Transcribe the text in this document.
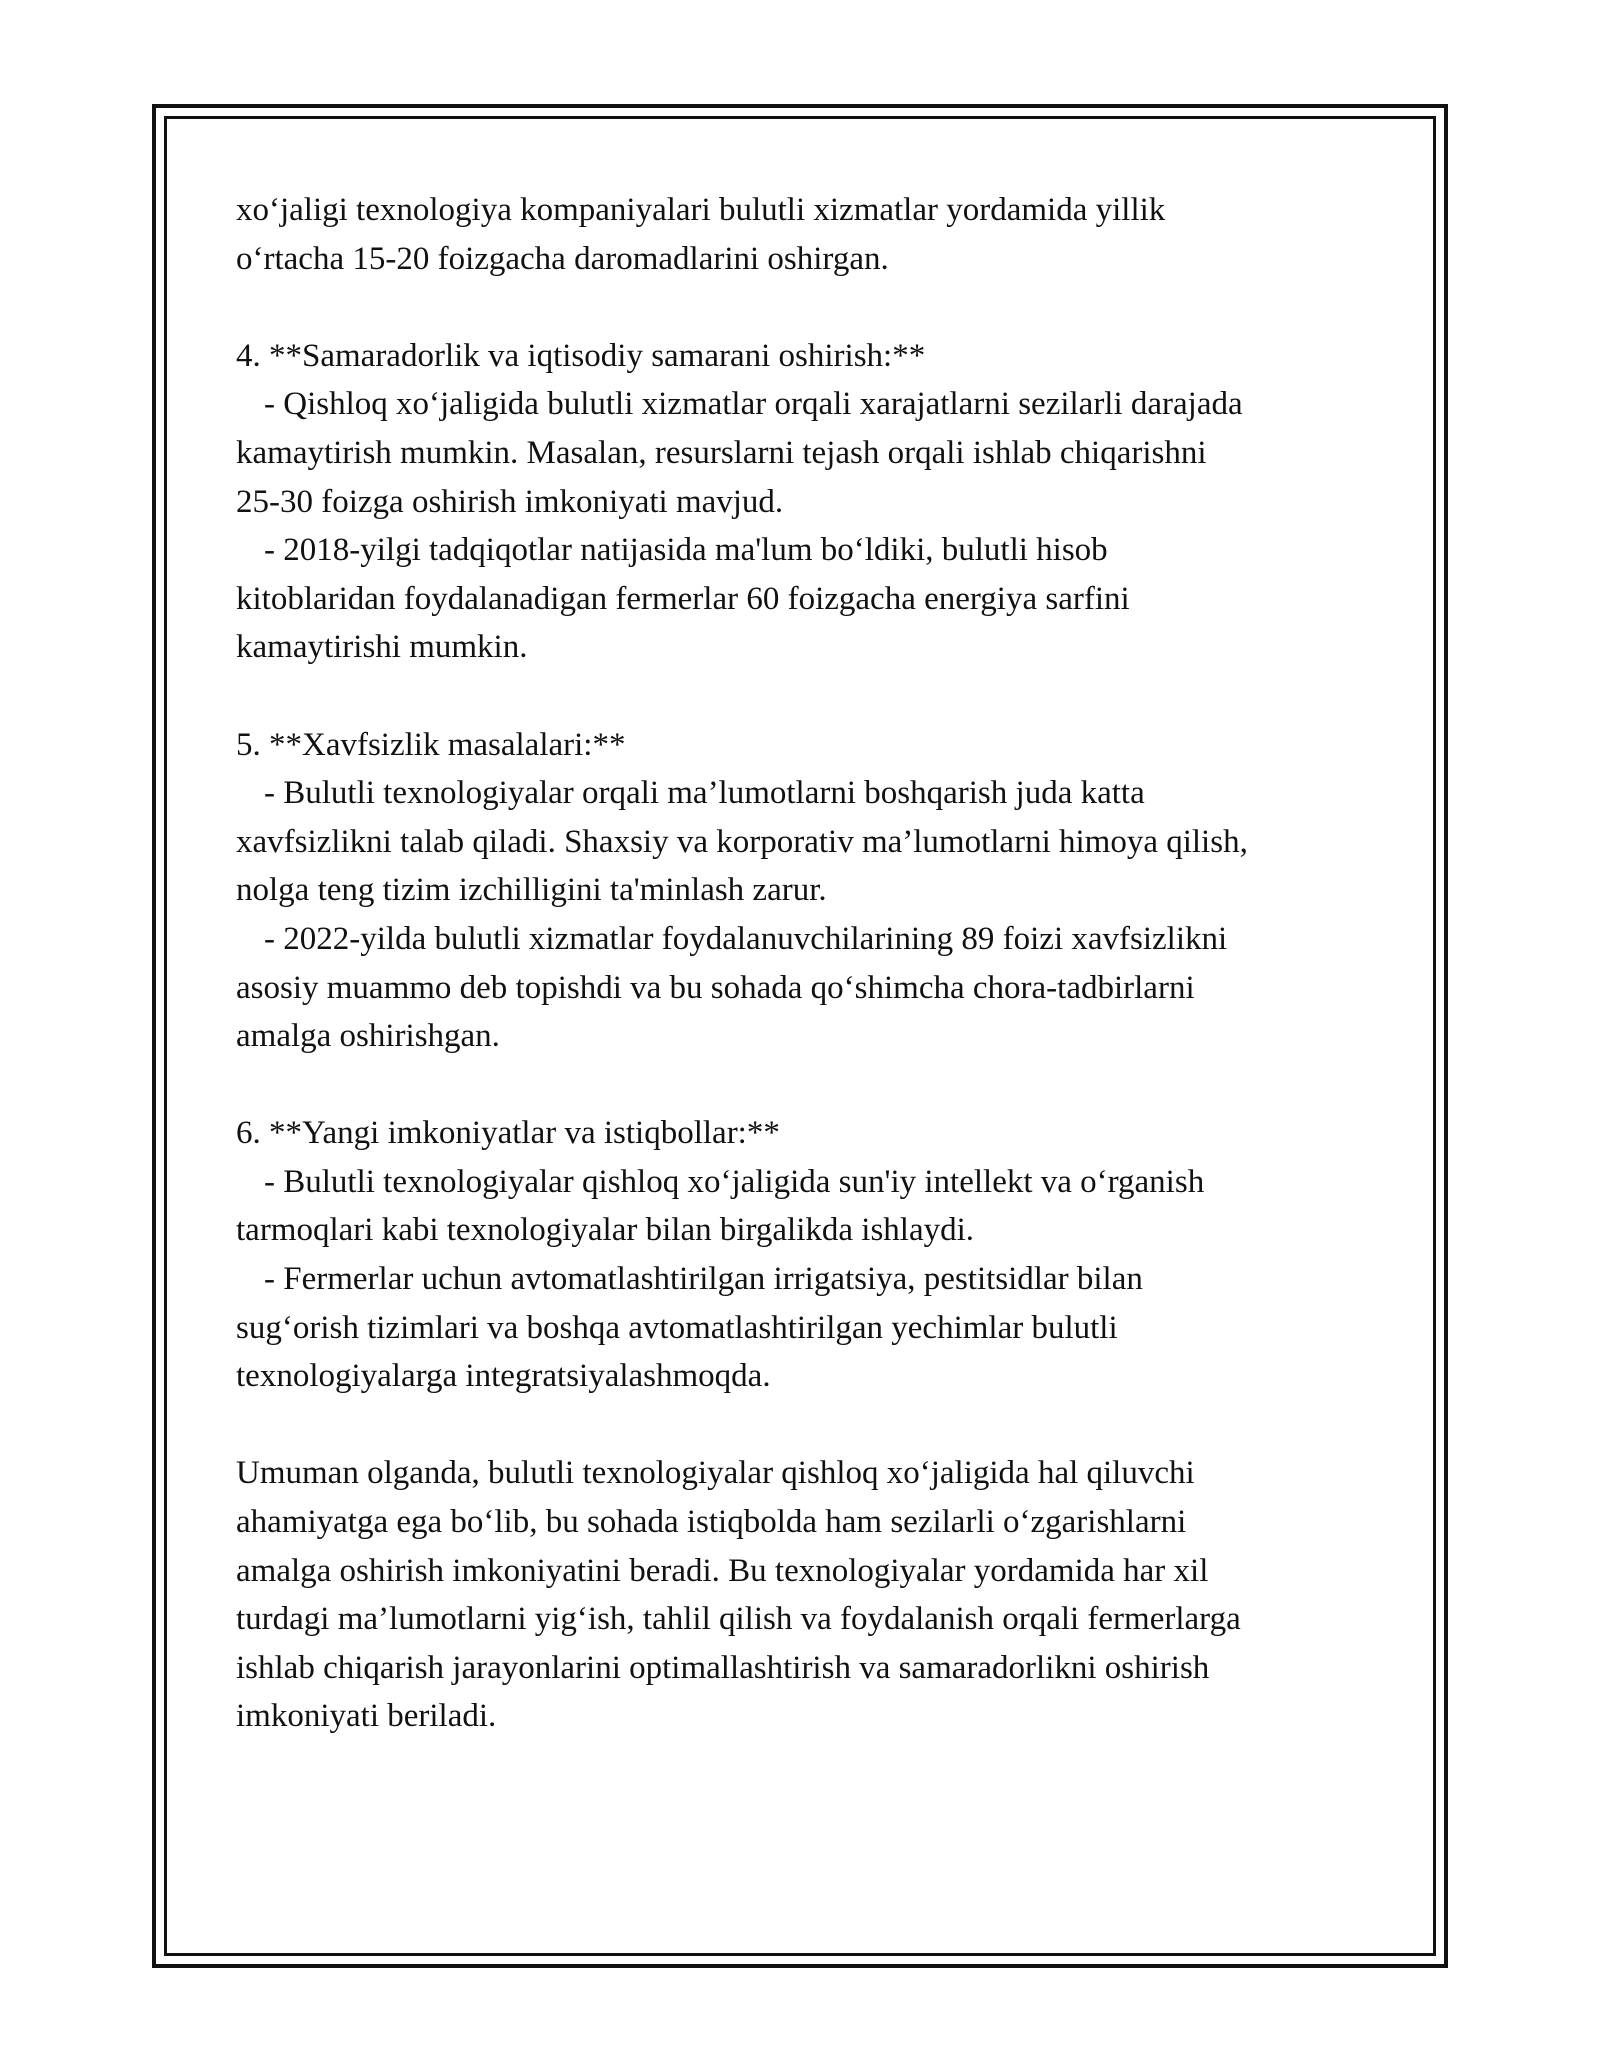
xo‘jaligi texnologiya kompaniyalari bulutli xizmatlar yordamida yillik
o‘rtacha 15-20 foizgacha daromadlarini oshirgan.
4. **Samaradorlik va iqtisodiy samarani oshirish:**
- Qishloq xo‘jaligida bulutli xizmatlar orqali xarajatlarni sezilarli darajada
kamaytirish mumkin. Masalan, resurslarni tejash orqali ishlab chiqarishni
25-30 foizga oshirish imkoniyati mavjud.
- 2018-yilgi tadqiqotlar natijasida ma'lum bo‘ldiki, bulutli hisob
kitoblaridan foydalanadigan fermerlar 60 foizgacha energiya sarfini
kamaytirishi mumkin.
5. **Xavfsizlik masalalari:**
- Bulutli texnologiyalar orqali ma’lumotlarni boshqarish juda katta
xavfsizlikni talab qiladi. Shaxsiy va korporativ ma’lumotlarni himoya qilish,
nolga teng tizim izchilligini ta'minlash zarur.
- 2022-yilda bulutli xizmatlar foydalanuvchilarining 89 foizi xavfsizlikni
asosiy muammo deb topishdi va bu sohada qo‘shimcha chora-tadbirlarni
amalga oshirishgan.
6. **Yangi imkoniyatlar va istiqbollar:**
- Bulutli texnologiyalar qishloq xo‘jaligida sun'iy intellekt va o‘rganish
tarmoqlari kabi texnologiyalar bilan birgalikda ishlaydi.
- Fermerlar uchun avtomatlashtirilgan irrigatsiya, pestitsidlar bilan
sug‘orish tizimlari va boshqa avtomatlashtirilgan yechimlar bulutli
texnologiyalarga integratsiyalashmoqda.
Umuman olganda, bulutli texnologiyalar qishloq xo‘jaligida hal qiluvchi
ahamiyatga ega bo‘lib, bu sohada istiqbolda ham sezilarli o‘zgarishlarni
amalga oshirish imkoniyatini beradi. Bu texnologiyalar yordamida har xil
turdagi ma’lumotlarni yig‘ish, tahlil qilish va foydalanish orqali fermerlarga
ishlab chiqarish jarayonlarini optimallashtirish va samaradorlikni oshirish
imkoniyati beriladi.
